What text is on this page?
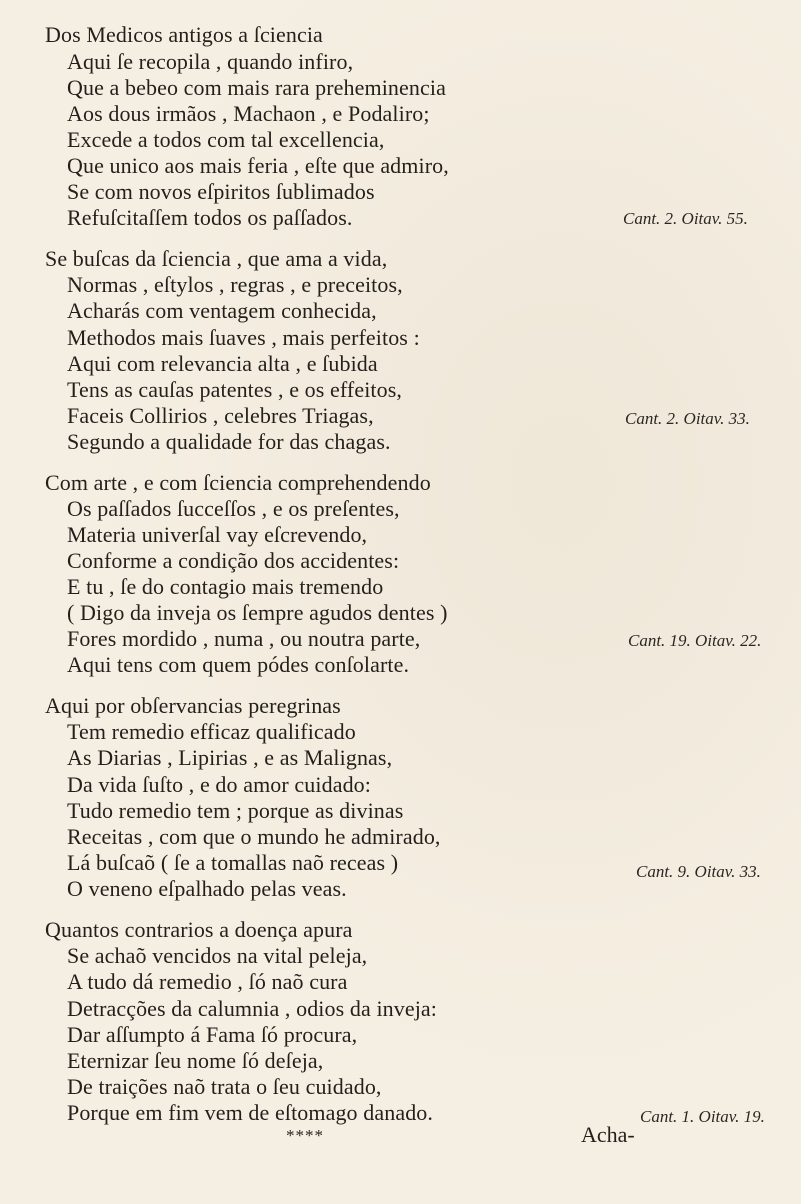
Dos Medicos antigos a ſciencia
Aqui ſe recopila , quando infiro,
Que a bebeo com mais rara preheminencia
Aos dous irmãos , Machaon , e Podaliro;
Excede a todos com tal excellencia,
Que unico aos mais feria , eſte que admiro,
Se com novos eſpiritos ſublimados
Refuſcitaſſem todos os paſſados.	Cant. 2. Oitav. 55.
Se buſcas da ſciencia , que ama a vida,
Normas , eſtylos , regras , e preceitos,
Acharás com ventagem conhecida,
Methodos mais ſuaves , mais perfeitos :
Aqui com relevancia alta , e ſubida
Tens as cauſas patentes , e os effeitos,
Faceis Collirios , celebres Triagas,
Segundo a qualidade for das chagas.
Cant. 2. Oitav. 33.
Com arte , e com ſciencia comprehendendo
Os paſſados ſucceſſos , e os preſentes,
Materia univerſal vay eſcrevendo,
Conforme a condição dos accidentes:
E tu , ſe do contagio mais tremendo
( Digo da inveja os ſempre agudos dentes )
Fores mordido , numa , ou noutra parte,
Aqui tens com quem pódes conſolarte.
Cant. 19. Oitav. 22.
Aqui por obſervancias peregrinas
Tem remedio efficaz qualificado
As Diarias , Lipirias , e as Malignas,
Da vida ſuſto , e do amor cuidado:
Tudo remedio tem ; porque as divinas
Receitas , com que o mundo he admirado,
Lá buſcaõ ( ſe a tomallas naõ receas )
O veneno eſpalhado pelas veas.
Cant. 9. Oitav. 33.
Quantos contrarios a doença apura
Se achaõ vencidos na vital peleja,
A tudo dá remedio , ſó naõ cura
Detracções da calumnia , odios da inveja:
Dar aſſumpto á Fama ſó procura,
Eternizar ſeu nome ſó deſeja,
De traições naõ trata o ſeu cuidado,
Porque em fim vem de eſtomago danado.	Cant. 1. Oitav. 19.
****	Acha-
